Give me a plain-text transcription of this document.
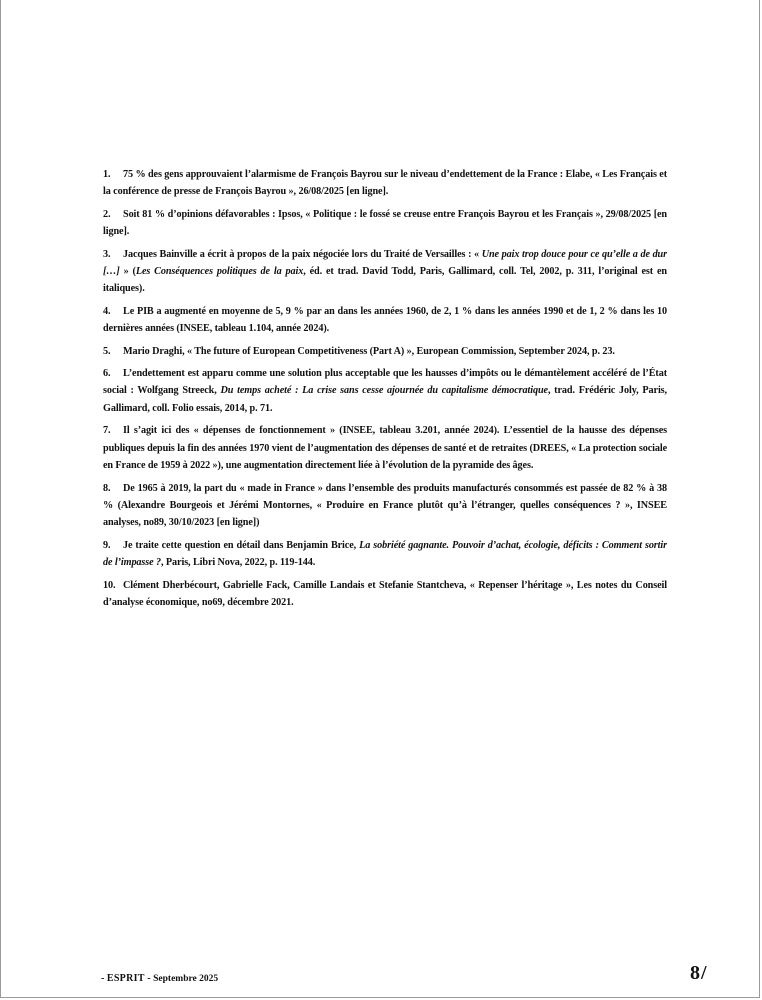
1. 75 % des gens approuvaient l’alarmisme de François Bayrou sur le niveau d’endettement de la France : Elabe, « Les Français et la conférence de presse de François Bayrou », 26/08/2025 [en ligne].
2. Soit 81 % d’opinions défavorables : Ipsos, « Politique : le fossé se creuse entre François Bayrou et les Français », 29/08/2025 [en ligne].
3. Jacques Bainville a écrit à propos de la paix négociée lors du Traité de Versailles : « Une paix trop douce pour ce qu’elle a de dur […] » (Les Conséquences politiques de la paix, éd. et trad. David Todd, Paris, Gallimard, coll. Tel, 2002, p. 311, l’original est en italiques).
4. Le PIB a augmenté en moyenne de 5, 9 % par an dans les années 1960, de 2, 1 % dans les années 1990 et de 1, 2 % dans les 10 dernières années (INSEE, tableau 1.104, année 2024).
5. Mario Draghi, « The future of European Competitiveness (Part A) », European Commission, September 2024, p. 23.
6. L’endettement est apparu comme une solution plus acceptable que les hausses d’impôts ou le démantèlement accéléré de l’État social : Wolfgang Streeck, Du temps acheté : La crise sans cesse ajournée du capitalisme démocratique, trad. Frédéric Joly, Paris, Gallimard, coll. Folio essais, 2014, p. 71.
7. Il s’agit ici des « dépenses de fonctionnement » (INSEE, tableau 3.201, année 2024). L’essentiel de la hausse des dépenses publiques depuis la fin des années 1970 vient de l’augmentation des dépenses de santé et de retraites (DREES, « La protection sociale en France de 1959 à 2022 »), une augmentation directement liée à l’évolution de la pyramide des âges.
8. De 1965 à 2019, la part du « made in France » dans l’ensemble des produits manufacturés consommés est passée de 82 % à 38 % (Alexandre Bourgeois et Jérémi Montornes, « Produire en France plutôt qu’à l’étranger, quelles conséquences ? », INSEE analyses, no89, 30/10/2023 [en ligne])
9. Je traite cette question en détail dans Benjamin Brice, La sobriété gagnante. Pouvoir d’achat, écologie, déficits : Comment sortir de l’impasse ?, Paris, Libri Nova, 2022, p. 119-144.
10. Clément Dherbécourt, Gabrielle Fack, Camille Landais et Stefanie Stantcheva, « Repenser l’héritage », Les notes du Conseil d’analyse économique, no69, décembre 2021.
- ESPRIT - Septembre 2025	8/
